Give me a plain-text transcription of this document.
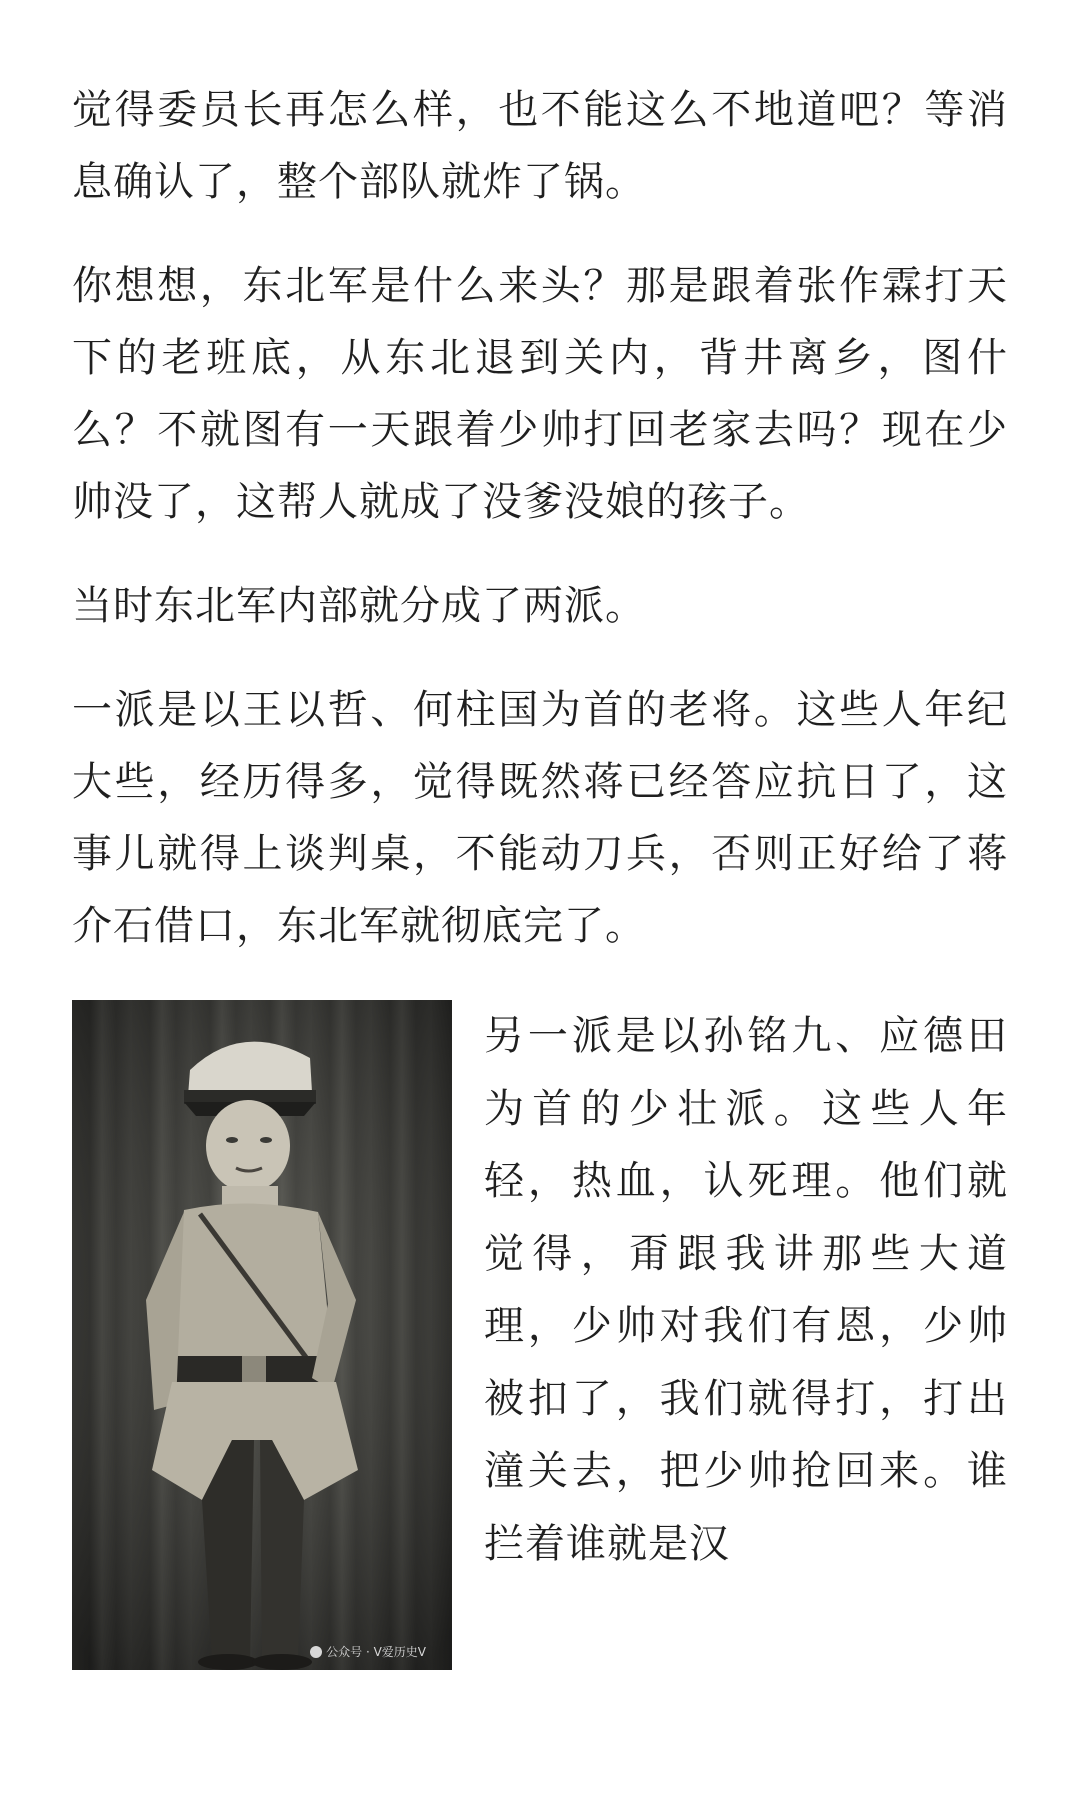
觉得委员长再怎么样，也不能这么不地道吧？等消息确认了，整个部队就炸了锅。

你想想，东北军是什么来头？那是跟着张作霖打天下的老班底，从东北退到关内，背井离乡，图什么？不就图有一天跟着少帅打回老家去吗？现在少帅没了，这帮人就成了没爹没娘的孩子。

当时东北军内部就分成了两派。

一派是以王以哲、何柱国为首的老将。这些人年纪大些，经历得多，觉得既然蒋已经答应抗日了，这事儿就得上谈判桌，不能动刀兵，否则正好给了蒋介石借口，东北军就彻底完了。

公众号 · V爱历史V

另一派是以孙铭九、应德田为首的少壮派。这些人年轻，热血，认死理。他们就觉得，甭跟我讲那些大道理，少帅对我们有恩，少帅被扣了，我们就得打，打出潼关去，把少帅抢回来。谁拦着谁就是汉
